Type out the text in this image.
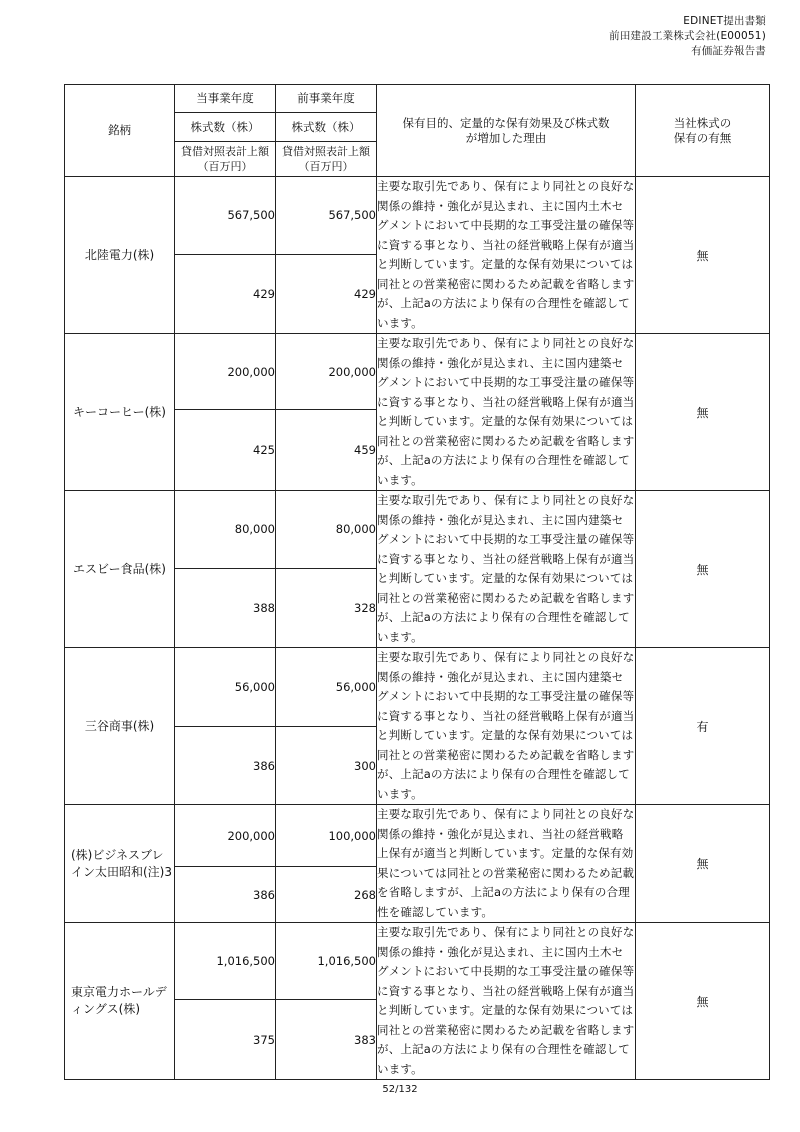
EDINET提出書類
前田建設工業株式会社(E00051)
有価証券報告書
銘柄	当事業年度	前事業年度	保有目的、定量的な保有効果及び株式数が増加した理由	当社株式の保有の有無
	株式数（株）	株式数（株）		
	貸借対照表計上額（百万円）	貸借対照表計上額（百万円）		
北陸電力(株)	567,500	567,500	主要な取引先であり、保有により同社との良好な関係の維持・強化が見込まれ、主に国内土木セグメントにおいて中長期的な工事受注量の確保等に資する事となり、当社の経営戦略上保有が適当と判断しています。定量的な保有効果については同社との営業秘密に関わるため記載を省略しますが、上記aの方法により保有の合理性を確認しています。	無
	429	429		
キーコーヒー(株)	200,000	200,000	主要な取引先であり、保有により同社との良好な関係の維持・強化が見込まれ、主に国内建築セグメントにおいて中長期的な工事受注量の確保等に資する事となり、当社の経営戦略上保有が適当と判断しています。定量的な保有効果については同社との営業秘密に関わるため記載を省略しますが、上記aの方法により保有の合理性を確認しています。	無
	425	459		
エスビー食品(株)	80,000	80,000	主要な取引先であり、保有により同社との良好な関係の維持・強化が見込まれ、主に国内建築セグメントにおいて中長期的な工事受注量の確保等に資する事となり、当社の経営戦略上保有が適当と判断しています。定量的な保有効果については同社との営業秘密に関わるため記載を省略しますが、上記aの方法により保有の合理性を確認しています。	無
	388	328		
三谷商事(株)	56,000	56,000	主要な取引先であり、保有により同社との良好な関係の維持・強化が見込まれ、主に国内建築セグメントにおいて中長期的な工事受注量の確保等に資する事となり、当社の経営戦略上保有が適当と判断しています。定量的な保有効果については同社との営業秘密に関わるため記載を省略しますが、上記aの方法により保有の合理性を確認しています。	有
	386	300		
(株)ビジネスブレイン太田昭和(注)3	200,000	100,000	主要な取引先であり、保有により同社との良好な関係の維持・強化が見込まれ、当社の経営戦略上保有が適当と判断しています。定量的な保有効果については同社との営業秘密に関わるため記載を省略しますが、上記aの方法により保有の合理性を確認しています。	無
	386	268		
東京電力ホールディングス(株)	1,016,500	1,016,500	主要な取引先であり、保有により同社との良好な関係の維持・強化が見込まれ、主に国内土木セグメントにおいて中長期的な工事受注量の確保等に資する事となり、当社の経営戦略上保有が適当と判断しています。定量的な保有効果については同社との営業秘密に関わるため記載を省略しますが、上記aの方法により保有の合理性を確認しています。	無
	375	383		
52/132
